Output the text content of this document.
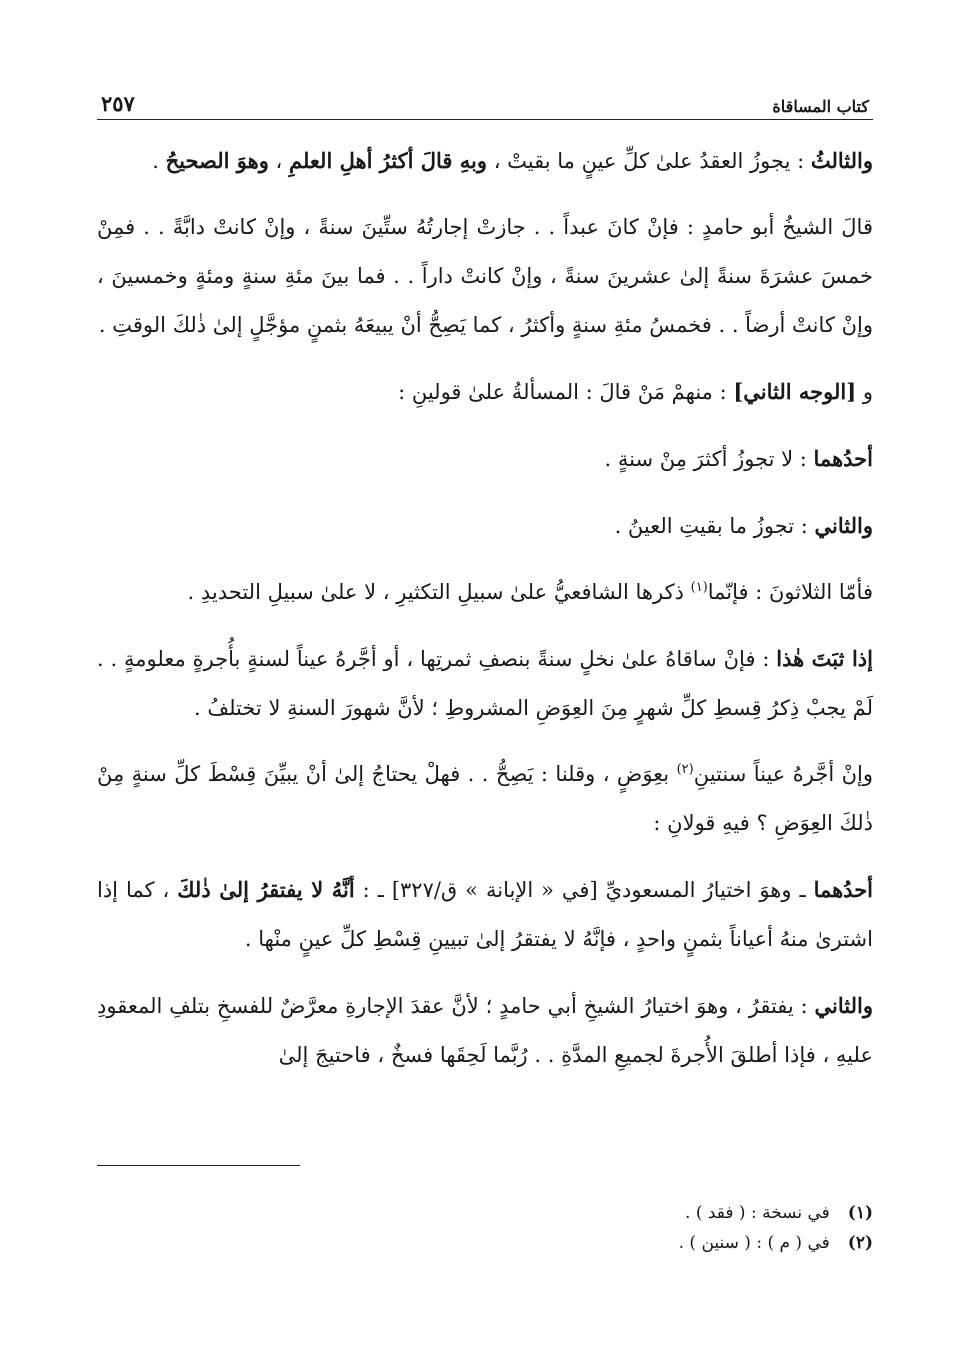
كتاب المساقاة
٢٥٧

والثالثُ : يجوزُ العقدُ علىٰ كلِّ عينٍ ما بقيتْ ، وبهِ قالَ أكثرُ أهلِ العلمِ ، وهوَ الصحيحُ .

قالَ الشيخُ أبو حامدٍ : فإنْ كانَ عبداً . . جازتْ إجارتُهُ ستِّينَ سنةً ، وإنْ كانتْ دابَّةً . . فمِنْ خمسَ عشرَةَ سنةً إلىٰ عشرينَ سنةً ، وإنْ كانتْ داراً . . فما بينَ مئةِ سنةٍ ومئةٍ وخمسينَ ، وإنْ كانتْ أرضاً . . فخمسُ مئةِ سنةٍ وأكثرُ ، كما يَصِحُّ أنْ يبيعَهُ بثمنٍ مؤجَّلٍ إلىٰ ذٰلكَ الوقتِ .

و [الوجه الثاني] : منهمْ مَنْ قالَ : المسألةُ علىٰ قولينِ :

أحدُهما : لا تجوزُ أكثرَ مِنْ سنةٍ .

والثاني : تجوزُ ما بقيتِ العينُ .

فأمّا الثلاثونَ : فإنّما$^{(١)}$ ذكرها الشافعيُّ علىٰ سبيلِ التكثيرِ ، لا علىٰ سبيلِ التحديدِ .

إذا ثبَتَ هٰذا : فإنْ ساقاهُ علىٰ نخلٍ سنةً بنصفِ ثمرتِها ، أو أجَّرهُ عيناً لسنةٍ بأُجرةٍ معلومةٍ . . لَمْ يجبْ ذِكرُ قِسطِ كلِّ شهرٍ مِنَ العِوَضِ المشروطِ ؛ لأنَّ شهورَ السنةِ لا تختلفُ .

وإنْ أجَّرهُ عيناً سنتينِ$^{(٢)}$ بعِوَضٍ ، وقلنا : يَصِحُّ . . فهلْ يحتاجُ إلىٰ أنْ يبيِّنَ قِسْطَ كلِّ سنةٍ مِنْ ذٰلكَ العِوَضِ ؟ فيهِ قولانِ :

أحدُهما ـ وهوَ اختيارُ المسعوديِّ [في « الإبانة » ق/٣٢٧] ـ : أنَّهُ لا يفتقرُ إلىٰ ذٰلكَ ، كما إذا اشترىٰ منهُ أعياناً بثمنٍ واحدٍ ، فإنَّهُ لا يفتقرُ إلىٰ تبيينِ قِسْطِ كلِّ عينٍ منْها .

والثاني : يفتقرُ ، وهوَ اختيارُ الشيخِ أبي حامدٍ ؛ لأنَّ عقدَ الإجارةِ معرَّضٌ للفسخِ بتلفِ المعقودِ عليهِ ، فإذا أطلقَ الأُجرةَ لجميعِ المدَّةِ . . رُبَّما لَحِقَها فسخٌ ، فاحتيجَ إلىٰ

(١)
في نسخة : ( فقد ) .
(٢)
في ( م ) : ( سنين ) .
